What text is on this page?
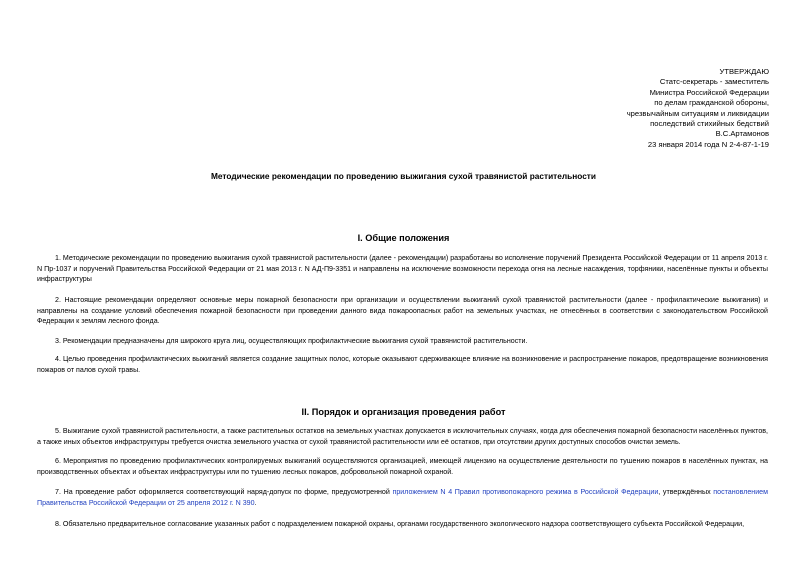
УТВЕРЖДАЮ
Статс-секретарь - заместитель
Министра Российской Федерации
по делам гражданской обороны,
чрезвычайным ситуациям и ликвидации
последствий стихийных бедствий
В.С.Артамонов
23 января 2014 года N 2-4-87-1-19
Методические рекомендации по проведению выжигания сухой травянистой растительности
I. Общие положения

1. Методические рекомендации по проведению выжигания сухой травянистой растительности (далее - рекомендации) разработаны во исполнение поручений Президента Российской Федерации от 11 апреля 2013 г. N Пр-1037 и поручений Правительства Российской Федерации от 21 мая 2013 г. N АД-П9-3351 и направлены на исключение возможности перехода огня на лесные насаждения, торфяники, населённые пункты и объекты инфраструктуры

2. Настоящие рекомендации определяют основные меры пожарной безопасности при организации и осуществлении выжиганий сухой травянистой растительности (далее - профилактические выжигания) и направлены на создание условий обеспечения пожарной безопасности при проведении данного вида пожароопасных работ на земельных участках, не отнесённых в соответствии с законодательством Российской Федерации к землям лесного фонда.

3. Рекомендации предназначены для широкого круга лиц, осуществляющих профилактические выжигания сухой травянистой растительности.

4. Целью проведения профилактических выжиганий является создание защитных полос, которые оказывают сдерживающее влияние на возникновение и распространение пожаров, предотвращение возникновения пожаров от палов сухой травы.

II. Порядок и организация проведения работ

5. Выжигание сухой травянистой растительности, а также растительных остатков на земельных участках допускается в исключительных случаях, когда для обеспечения пожарной безопасности населённых пунктов, а также иных объектов инфраструктуры требуется очистка земельного участка от сухой травянистой растительности или её остатков, при отсутствии других доступных способов очистки земель.

6. Мероприятия по проведению профилактических контролируемых выжиганий осуществляются организацией, имеющей лицензию на осуществление деятельности по тушению пожаров в населённых пунктах, на производственных объектах и объектах инфраструктуры или по тушению лесных пожаров, добровольной пожарной охраной.

7. На проведение работ оформляется соответствующий наряд-допуск по форме, предусмотренной приложением N 4 Правил противопожарного режима в Российской Федерации, утверждённых постановлением Правительства Российской Федерации от 25 апреля 2012 г. N 390.

8. Обязательно предварительное согласование указанных работ с подразделением пожарной охраны, органами государственного экологического надзора соответствующего субъекта Российской Федерации,
